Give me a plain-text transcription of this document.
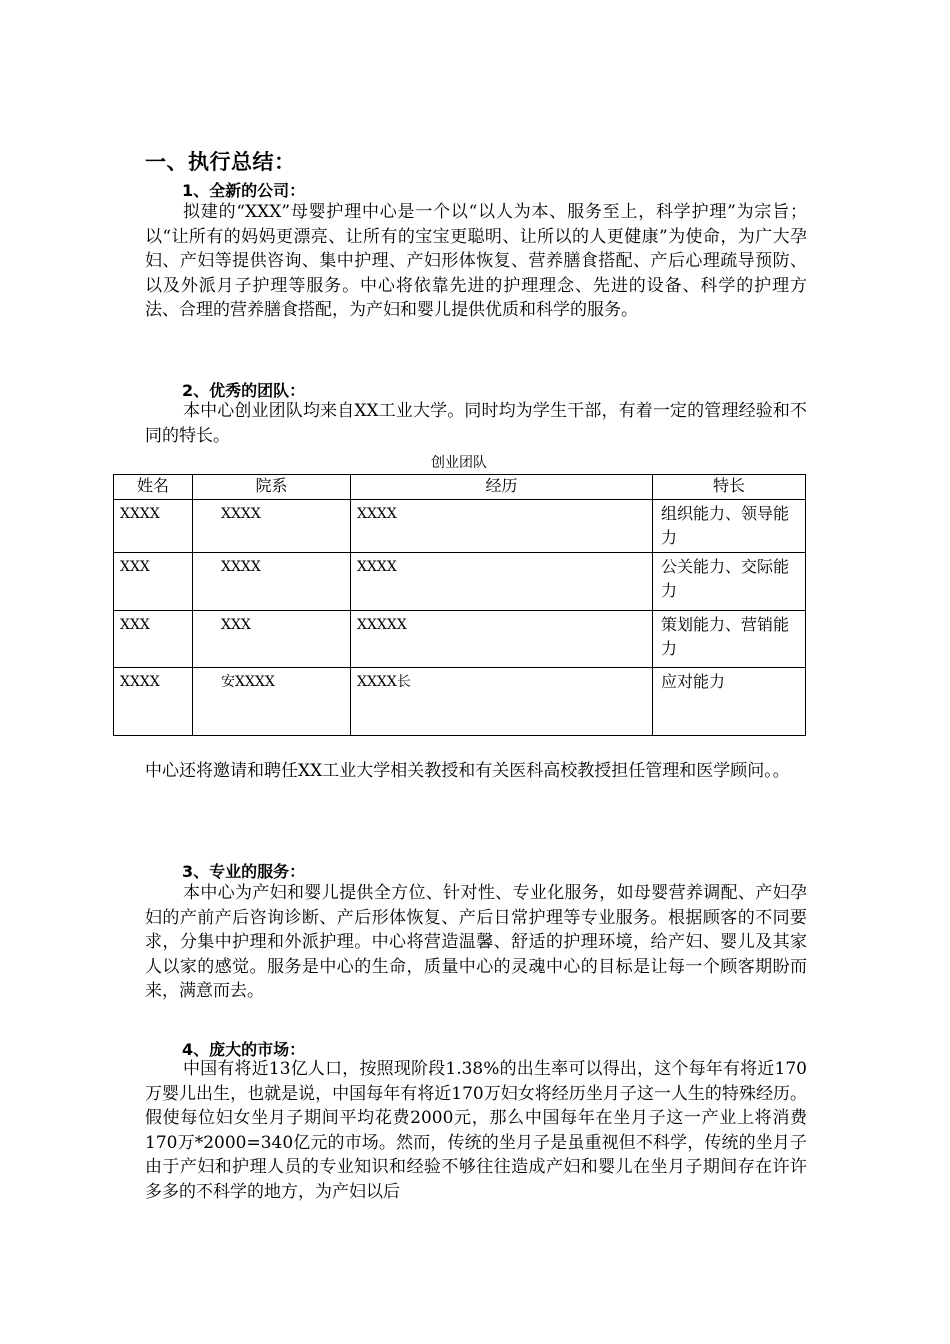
一、执行总结：
1、全新的公司：

拟建的“XXX”母婴护理中心是一个以“以人为本、服务至上，科学护理”为宗旨；以“让所有的妈妈更漂亮、让所有的宝宝更聪明、让所以的人更健康”为使命，为广大孕妇、产妇等提供咨询、集中护理、产妇形体恢复、营养膳食搭配、产后心理疏导预防、以及外派月子护理等服务。中心将依靠先进的护理理念、先进的设备、科学的护理方法、合理的营养膳食搭配，为产妇和婴儿提供优质和科学的服务。

2、优秀的团队：

本中心创业团队均来自XX工业大学。同时均为学生干部，有着一定的管理经验和不同的特长。

创业团队
姓名	院系	经历	特长
XXXX	XXXX	XXXX	组织能力、领导能力
XXX	XXXX	XXXX	公关能力、交际能力
XXX	XXX	XXXXX	策划能力、营销能力
XXXX	安XXXX	XXXX长	应对能力

中心还将邀请和聘任XX工业大学相关教授和有关医科高校教授担任管理和医学顾问。。

3、专业的服务：

本中心为产妇和婴儿提供全方位、针对性、专业化服务，如母婴营养调配、产妇孕妇的产前产后咨询诊断、产后形体恢复、产后日常护理等专业服务。根据顾客的不同要求，分集中护理和外派护理。中心将营造温馨、舒适的护理环境，给产妇、婴儿及其家人以家的感觉。服务是中心的生命，质量中心的灵魂中心的目标是让每一个顾客期盼而来，满意而去。

4、庞大的市场：

中国有将近13亿人口，按照现阶段1.38%的出生率可以得出，这个每年有将近170万婴儿出生，也就是说，中国每年有将近170万妇女将经历坐月子这一人生的特殊经历。假使每位妇女坐月子期间平均花费2000元，那么中国每年在坐月子这一产业上将消费170万*2000=340亿元的市场。然而，传统的坐月子是虽重视但不科学，传统的坐月子由于产妇和护理人员的专业知识和经验不够往往造成产妇和婴儿在坐月子期间存在许许多多的不科学的地方，为产妇以后
